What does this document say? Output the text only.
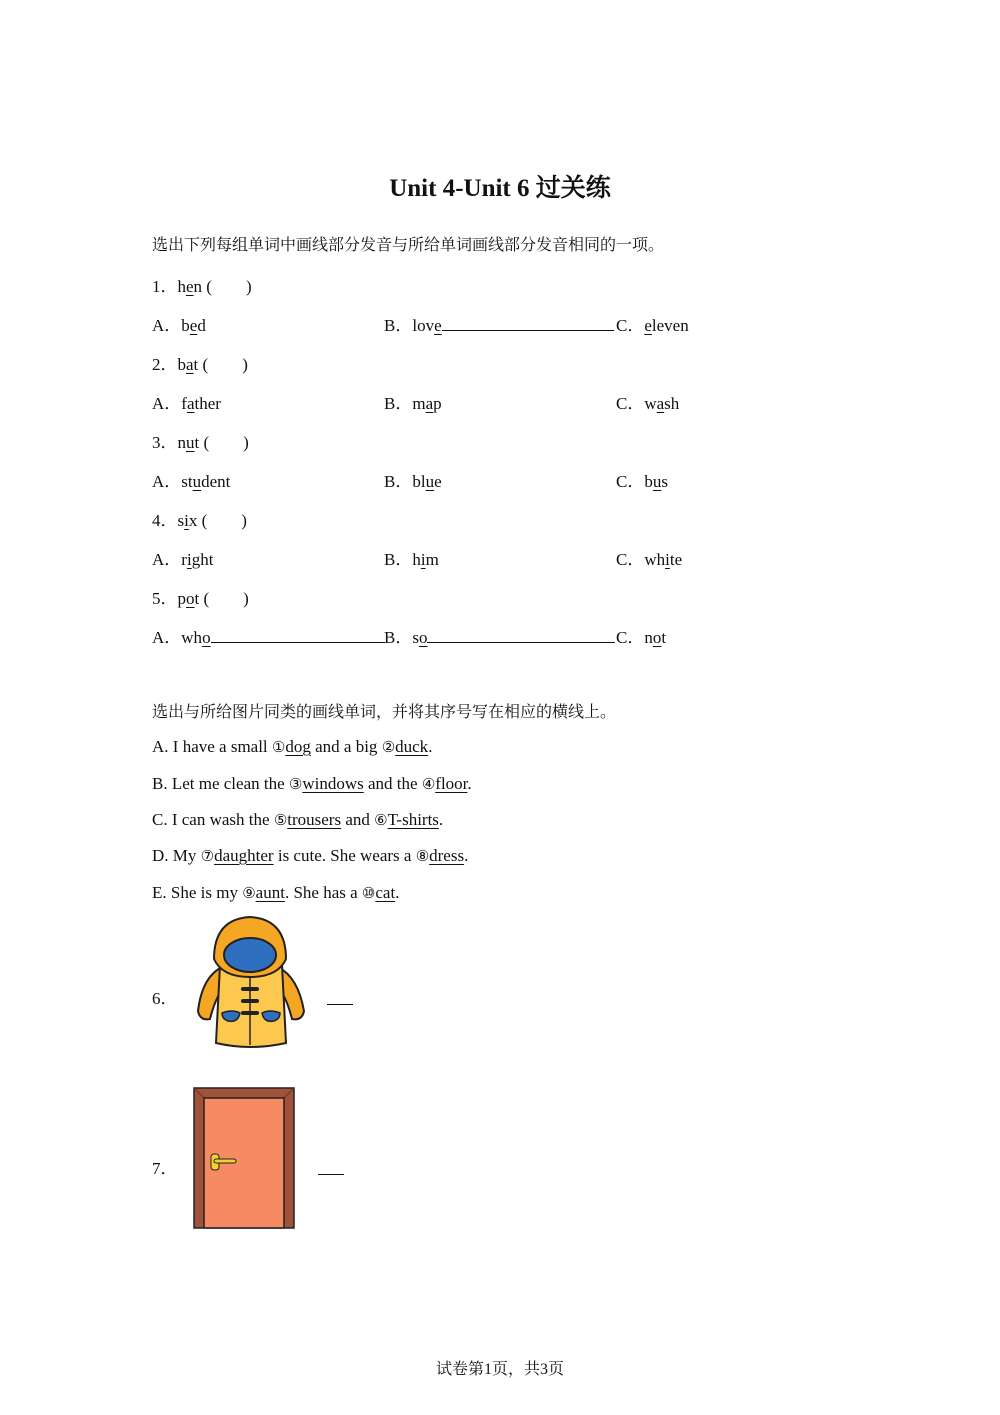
Unit 4-Unit 6 过关练
选出下列每组单词中画线部分发音与所给单词画线部分发音相同的一项。
1．hen (　　)
A．bed	B．love	C．eleven
2．bat (　　)
A．father	B．map	C．wash
3．nut (　　)
A．student	B．blue	C．bus
4．six (　　)
A．right	B．him	C．white
5．pot (　　)
A．who	B．so	C．not
选出与所给图片同类的画线单词，并将其序号写在相应的横线上。
A. I have a small ①dog and a big ②duck.
B. Let me clean the ③windows and the ④floor.
C. I can wash the ⑤trousers and ⑥T-shirts.
D. My ⑦daughter is cute. She wears a ⑧dress.
E. She is my ⑨aunt. She has a ⑩cat.
6．
7．
试卷第1页，共3页
